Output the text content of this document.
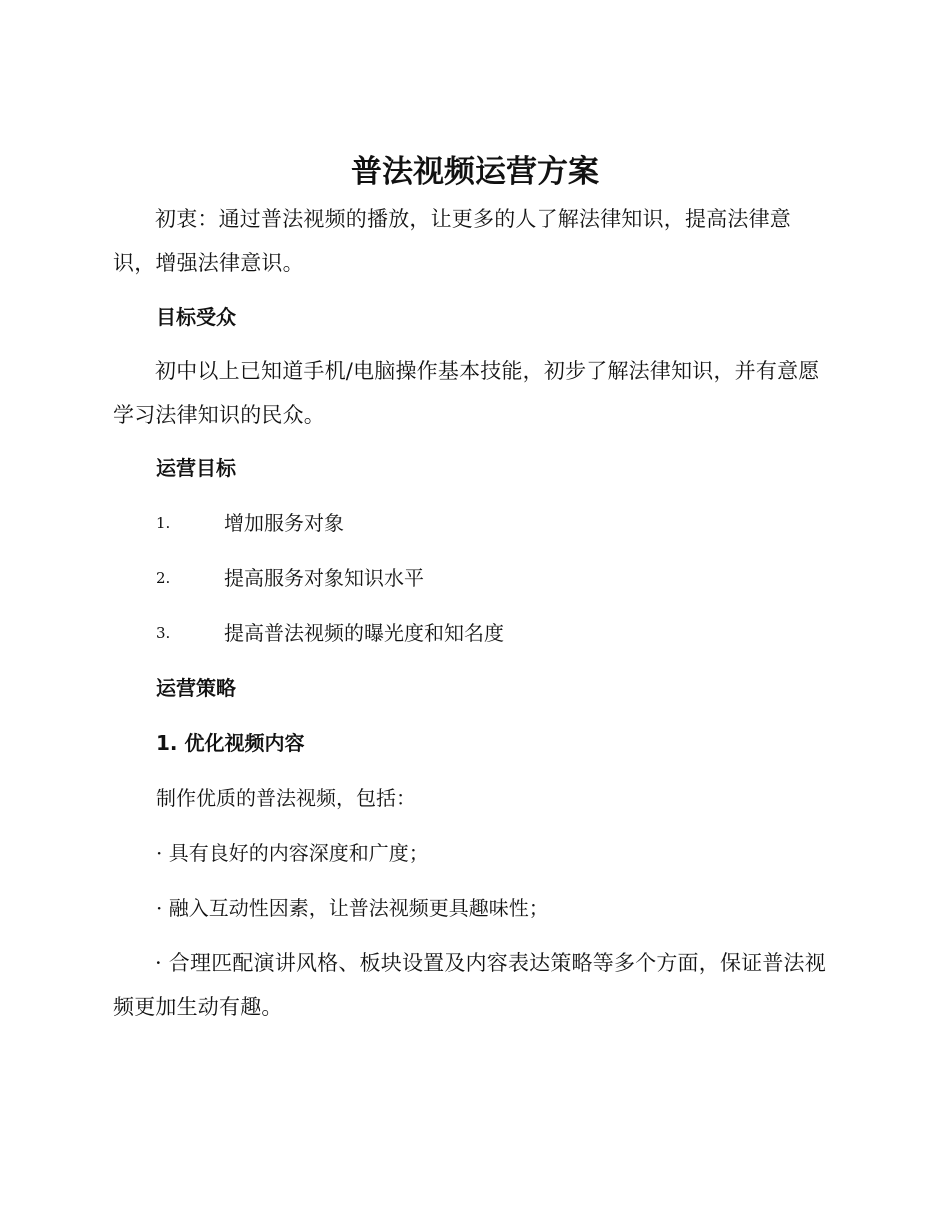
普法视频运营方案

初衷：通过普法视频的播放，让更多的人了解法律知识，提高法律意识，增强法律意识。

目标受众

初中以上已知道手机/电脑操作基本技能，初步了解法律知识，并有意愿学习法律知识的民众。

运营目标
1.	增加服务对象
2.	提高服务对象知识水平
3.	提高普法视频的曝光度和知名度
运营策略
1. 优化视频内容

制作优质的普法视频，包括：

· 具有良好的内容深度和广度；

· 融入互动性因素，让普法视频更具趣味性；

· 合理匹配演讲风格、板块设置及内容表达策略等多个方面，保证普法视频更加生动有趣。
